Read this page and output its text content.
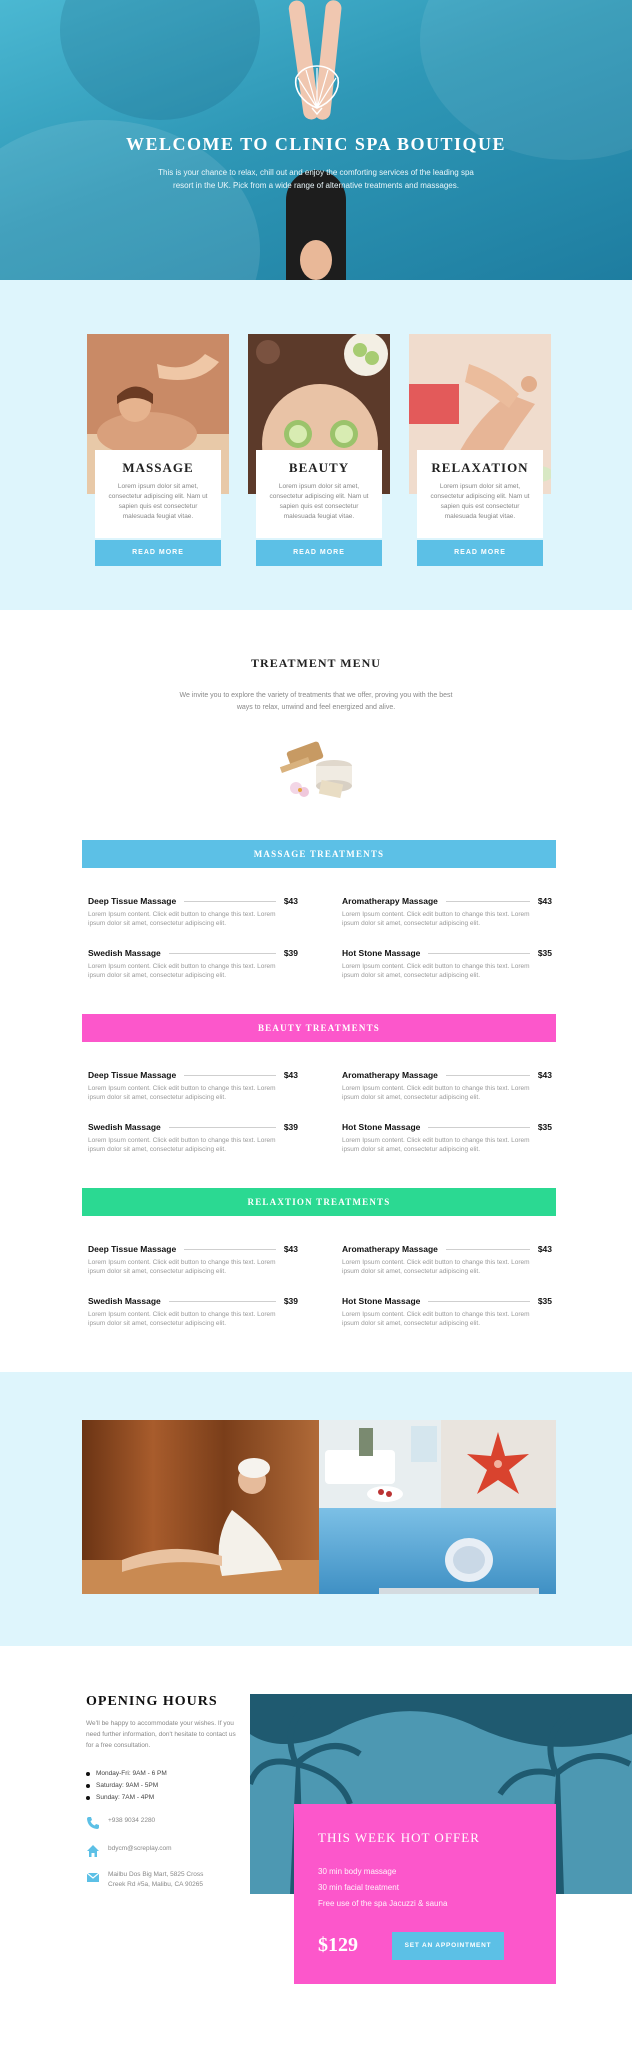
WELCOME TO CLINIC SPA BOUTIQUE

This is your chance to relax, chill out and enjoy the comforting services of the leading spa resort in the UK. Pick from a wide range of alternative treatments and massages.

MASSAGE

Lorem ipsum dolor sit amet, consectetur adipiscing elit. Nam ut sapien quis est consectetur malesuada feugiat vitae.

READ MORE
BEAUTY

Lorem ipsum dolor sit amet, consectetur adipiscing elit. Nam ut sapien quis est consectetur malesuada feugiat vitae.

READ MORE
RELAXATION

Lorem ipsum dolor sit amet, consectetur adipiscing elit. Nam ut sapien quis est consectetur malesuada feugiat vitae.

READ MORE
TREATMENT MENU

We invite you to explore the variety of treatments that we offer, proving you with the best ways to relax, unwind and feel energized and alive.

MASSAGE TREATMENTS
Deep Tissue Massage	$43
Lorem Ipsum content. Click edit button to change this text. Lorem ipsum dolor sit amet, consectetur adipiscing elit.
Aromatherapy Massage	$43
Lorem Ipsum content. Click edit button to change this text. Lorem ipsum dolor sit amet, consectetur adipiscing elit.
Swedish Massage	$39
Lorem Ipsum content. Click edit button to change this text. Lorem ipsum dolor sit amet, consectetur adipiscing elit.
Hot Stone Massage	$35
Lorem Ipsum content. Click edit button to change this text. Lorem ipsum dolor sit amet, consectetur adipiscing elit.
BEAUTY TREATMENTS
Deep Tissue Massage	$43
Lorem Ipsum content. Click edit button to change this text. Lorem ipsum dolor sit amet, consectetur adipiscing elit.
Aromatherapy Massage	$43
Lorem Ipsum content. Click edit button to change this text. Lorem ipsum dolor sit amet, consectetur adipiscing elit.
Swedish Massage	$39
Lorem Ipsum content. Click edit button to change this text. Lorem ipsum dolor sit amet, consectetur adipiscing elit.
Hot Stone Massage	$35
Lorem Ipsum content. Click edit button to change this text. Lorem ipsum dolor sit amet, consectetur adipiscing elit.
RELAXTION TREATMENTS
Deep Tissue Massage	$43
Lorem Ipsum content. Click edit button to change this text. Lorem ipsum dolor sit amet, consectetur adipiscing elit.
Aromatherapy Massage	$43
Lorem Ipsum content. Click edit button to change this text. Lorem ipsum dolor sit amet, consectetur adipiscing elit.
Swedish Massage	$39
Lorem Ipsum content. Click edit button to change this text. Lorem ipsum dolor sit amet, consectetur adipiscing elit.
Hot Stone Massage	$35
Lorem Ipsum content. Click edit button to change this text. Lorem ipsum dolor sit amet, consectetur adipiscing elit.
OPENING HOURS

We'll be happy to accommodate your wishes. If you need further information, don't hesitate to contact us for a free consultation.

Monday-Fri: 9AM - 6 PM
Saturday: 9AM - 5PM
Sunday: 7AM - 4PM
+938 9034 2280
bdycm@screplay.com
Mailbu Dos Big Mart, 5825 Cross Creek Rd #5a, Malibu, CA 90265
THIS WEEK HOT OFFER
30 min body massage
30 min facial treatment
Free use of the spa Jacuzzi & sauna
$129	SET AN APPOINTMENT
